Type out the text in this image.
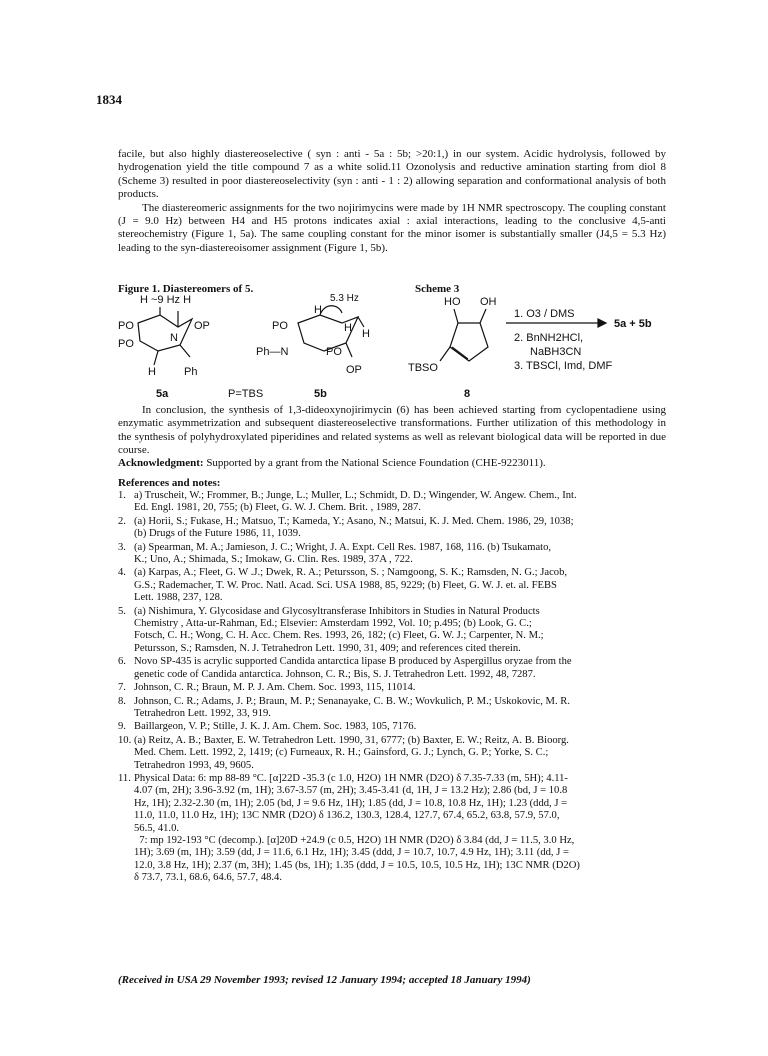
1834

facile, but also highly diastereoselective ( syn : anti - 5a : 5b; >20:1,) in our system. Acidic hydrolysis, followed by hydrogenation yield the title compound 7 as a white solid.11 Ozonolysis and reductive amination starting from diol 8 (Scheme 3) resulted in poor diastereoselectivity (syn : anti - 1 : 2) allowing separation and conformational analysis of both products.

The diastereomeric assignments for the two nojirimycins were made by 1H NMR spectroscopy. The coupling constant (J = 9.0 Hz) between H4 and H5 protons indicates axial : axial interactions, leading to the conclusive 4,5-anti stereochemistry (Figure 1, 5a). The same coupling constant for the minor isomer is substantially smaller (J4,5 = 5.3 Hz) leading to the syn-diastereoisomer assignment (Figure 1, 5b).

Figure 1. Diastereomers of 5.	Scheme 3
H ~9 Hz H
PO	OP
N
PO
H	Ph
5a
5.3 Hz
H
H
PO
Ph—N	PO
H
OP
5b
P=TBS
HO OH
TBSO
8
1. O3 / DMS
2. BnNH2HCl,
NaBH3CN
3. TBSCl, Imd, DMF
5a + 5b

In conclusion, the synthesis of 1,3-dideoxynojirimycin (6) has been achieved starting from cyclopentadiene using enzymatic asymmetrization and subsequent diastereoselective transformations. Further utilization of this methodology in the synthesis of polyhydroxylated piperidines and related systems as well as relevant biological data will be reported in due course.

Acknowledgment: Supported by a grant from the National Science Foundation (CHE-9223011).
References and notes:
1. a) Truscheit, W.; Frommer, B.; Junge, L.; Muller, L.; Schmidt, D. D.; Wingender, W. Angew. Chem., Int.
Ed. Engl. 1981, 20, 755; (b) Fleet, G. W. J. Chem. Brit. , 1989, 287.
2. (a) Horii, S.; Fukase, H.; Matsuo, T.; Kameda, Y.; Asano, N.; Matsui, K. J. Med. Chem. 1986, 29, 1038;
(b) Drugs of the Future 1986, 11, 1039.
3. (a) Spearman, M. A.; Jamieson, J. C.; Wright, J. A. Expt. Cell Res. 1987, 168, 116. (b) Tsukamato,
K.; Uno, A.; Shimada, S.; Imokaw, G. Clin. Res. 1989, 37A , 722.
4. (a) Karpas, A.; Fleet, G. W .J.; Dwek, R. A.; Petursson, S. ; Namgoong, S. K.; Ramsden, N. G.; Jacob,
G.S.; Rademacher, T. W. Proc. Natl. Acad. Sci. USA 1988, 85, 9229; (b) Fleet, G. W. J. et. al. FEBS
Lett. 1988, 237, 128.
5. (a) Nishimura, Y. Glycosidase and Glycosyltransferase Inhibitors in Studies in Natural Products
Chemistry , Atta-ur-Rahman, Ed.; Elsevier: Amsterdam 1992, Vol. 10; p.495; (b) Look, G. C.;
Fotsch, C. H.; Wong, C. H. Acc. Chem. Res. 1993, 26, 182; (c) Fleet, G. W. J.; Carpenter, N. M.;
Petursson, S.; Ramsden, N. J. Tetrahedron Lett. 1990, 31, 409; and references cited therein.
6. Novo SP-435 is acrylic supported Candida antarctica lipase B produced by Aspergillus oryzae from the
genetic code of Candida antarctica. Johnson, C. R.; Bis, S. J. Tetrahedron Lett. 1992, 48, 7287.
7. Johnson, C. R.; Braun, M. P. J. Am. Chem. Soc. 1993, 115, 11014.
8. Johnson, C. R.; Adams, J. P.; Braun, M. P.; Senanayake, C. B. W.; Wovkulich, P. M.; Uskokovic, M. R.
Tetrahedron Lett. 1992, 33, 919.
9. Baillargeon, V. P.; Stille, J. K. J. Am. Chem. Soc. 1983, 105, 7176.
10. (a) Reitz, A. B.; Baxter, E. W. Tetrahedron Lett. 1990, 31, 6777; (b) Baxter, E. W.; Reitz, A. B. Bioorg.
Med. Chem. Lett. 1992, 2, 1419; (c) Furneaux, R. H.; Gainsford, G. J.; Lynch, G. P.; Yorke, S. C.;
Tetrahedron 1993, 49, 9605.
11. Physical Data: 6: mp 88-89 °C. [α]22D -35.3 (c 1.0, H2O) 1H NMR (D2O) δ 7.35-7.33 (m, 5H); 4.11-
4.07 (m, 2H); 3.96-3.92 (m, 1H); 3.67-3.57 (m, 2H); 3.45-3.41 (d, 1H, J = 13.2 Hz); 2.86 (bd, J = 10.8
Hz, 1H); 2.32-2.30 (m, 1H); 2.05 (bd, J = 9.6 Hz, 1H); 1.85 (dd, J = 10.8, 10.8 Hz, 1H); 1.23 (ddd, J =
11.0, 11.0, 11.0 Hz, 1H); 13C NMR (D2O) δ 136.2, 130.3, 128.4, 127.7, 67.4, 65.2, 63.8, 57.9, 57.0,
56.5, 41.0.
7: mp 192-193 °C (decomp.). [α]20D +24.9 (c 0.5, H2O) 1H NMR (D2O) δ 3.84 (dd, J = 11.5, 3.0 Hz,
1H); 3.69 (m, 1H); 3.59 (dd, J = 11.6, 6.1 Hz, 1H); 3.45 (ddd, J = 10.7, 10.7, 4.9 Hz, 1H); 3.11 (dd, J =
12.0, 3.8 Hz, 1H); 2.37 (m, 3H); 1.45 (bs, 1H); 1.35 (ddd, J = 10.5, 10.5, 10.5 Hz, 1H); 13C NMR (D2O)
δ 73.7, 73.1, 68.6, 64.6, 57.7, 48.4.
(Received in USA 29 November 1993; revised 12 January 1994; accepted 18 January 1994)
